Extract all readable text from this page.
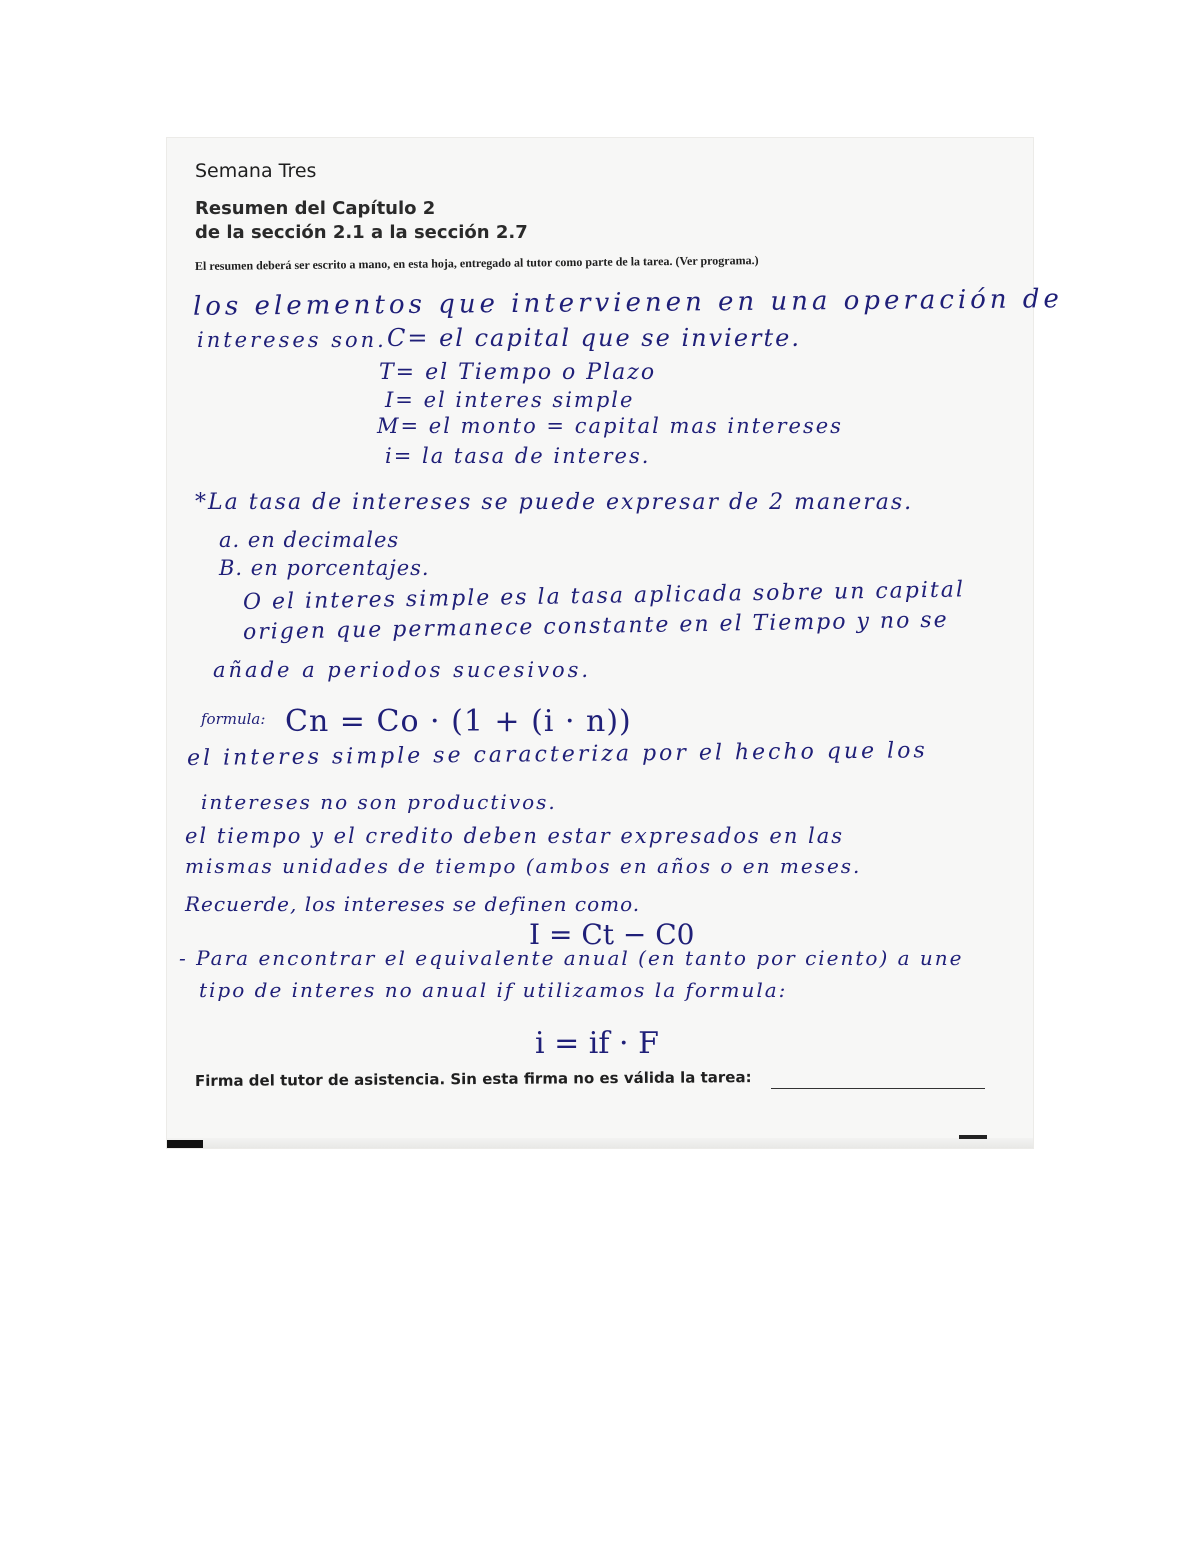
Semana Tres
Resumen del Capítulo 2
de la sección 2.1 a la sección 2.7
El resumen deberá ser escrito a mano, en esta hoja, entregado al tutor como parte de la tarea. (Ver programa.)
los elementos que intervienen en una operación de
intereses son. C= el capital que se invierte.
T= el Tiempo o Plazo
I= el interes simple
M= el monto = capital mas intereses
i= la tasa de interes.
*La tasa de intereses se puede expresar de 2 maneras.
a. en decimales
B. en porcentajes.
O el interes simple es la tasa aplicada sobre un capital
origen que permanece constante en el Tiempo y no se
añade a periodos sucesivos.
formula: Cn = Co · (1 + (i · n))
el interes simple se caracteriza por el hecho que los
intereses no son productivos.
el tiempo y el credito deben estar expresados en las
mismas unidades de tiempo (ambos en años o en meses.
Recuerde, los intereses se definen como.
I = Ct − C0
- Para encontrar el equivalente anual (en tanto por ciento) a une
tipo de interes no anual if utilizamos la formula:
i = if · F
Firma del tutor de asistencia. Sin esta firma no es válida la tarea:
